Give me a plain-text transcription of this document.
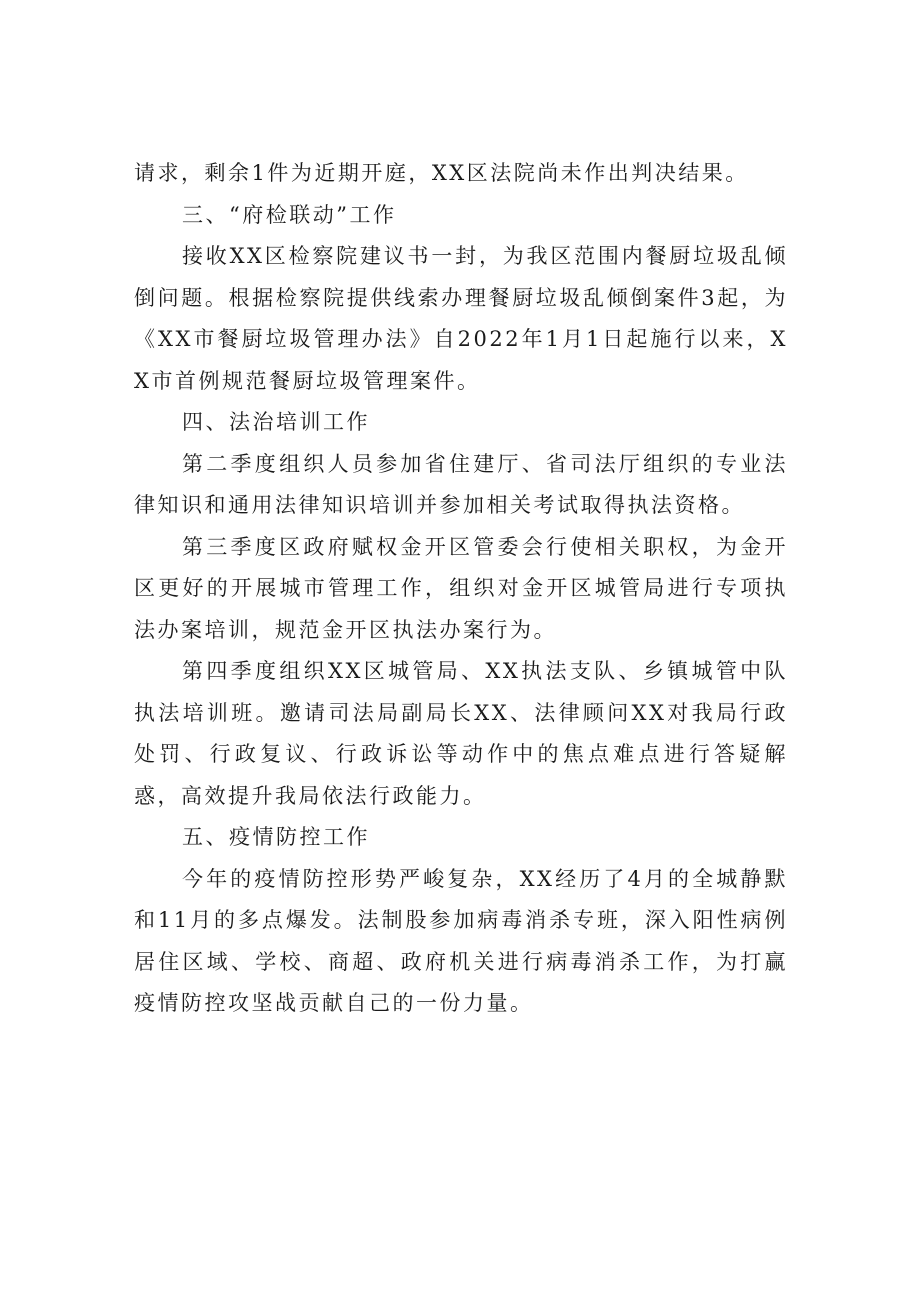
请求，剩余1件为近期开庭，XX区法院尚未作出判决结果。

三、“府检联动”工作

接收XX区检察院建议书一封，为我区范围内餐厨垃圾乱倾倒问题。根据检察院提供线索办理餐厨垃圾乱倾倒案件3起，为《XX市餐厨垃圾管理办法》自2022年1月1日起施行以来，XX市首例规范餐厨垃圾管理案件。

四、法治培训工作

第二季度组织人员参加省住建厅、省司法厅组织的专业法律知识和通用法律知识培训并参加相关考试取得执法资格。

第三季度区政府赋权金开区管委会行使相关职权，为金开区更好的开展城市管理工作，组织对金开区城管局进行专项执法办案培训，规范金开区执法办案行为。

第四季度组织XX区城管局、XX执法支队、乡镇城管中队执法培训班。邀请司法局副局长XX、法律顾问XX对我局行政处罚、行政复议、行政诉讼等动作中的焦点难点进行答疑解惑，高效提升我局依法行政能力。

五、疫情防控工作

今年的疫情防控形势严峻复杂，XX经历了4月的全城静默和11月的多点爆发。法制股参加病毒消杀专班，深入阳性病例居住区域、学校、商超、政府机关进行病毒消杀工作，为打赢疫情防控攻坚战贡献自己的一份力量。
